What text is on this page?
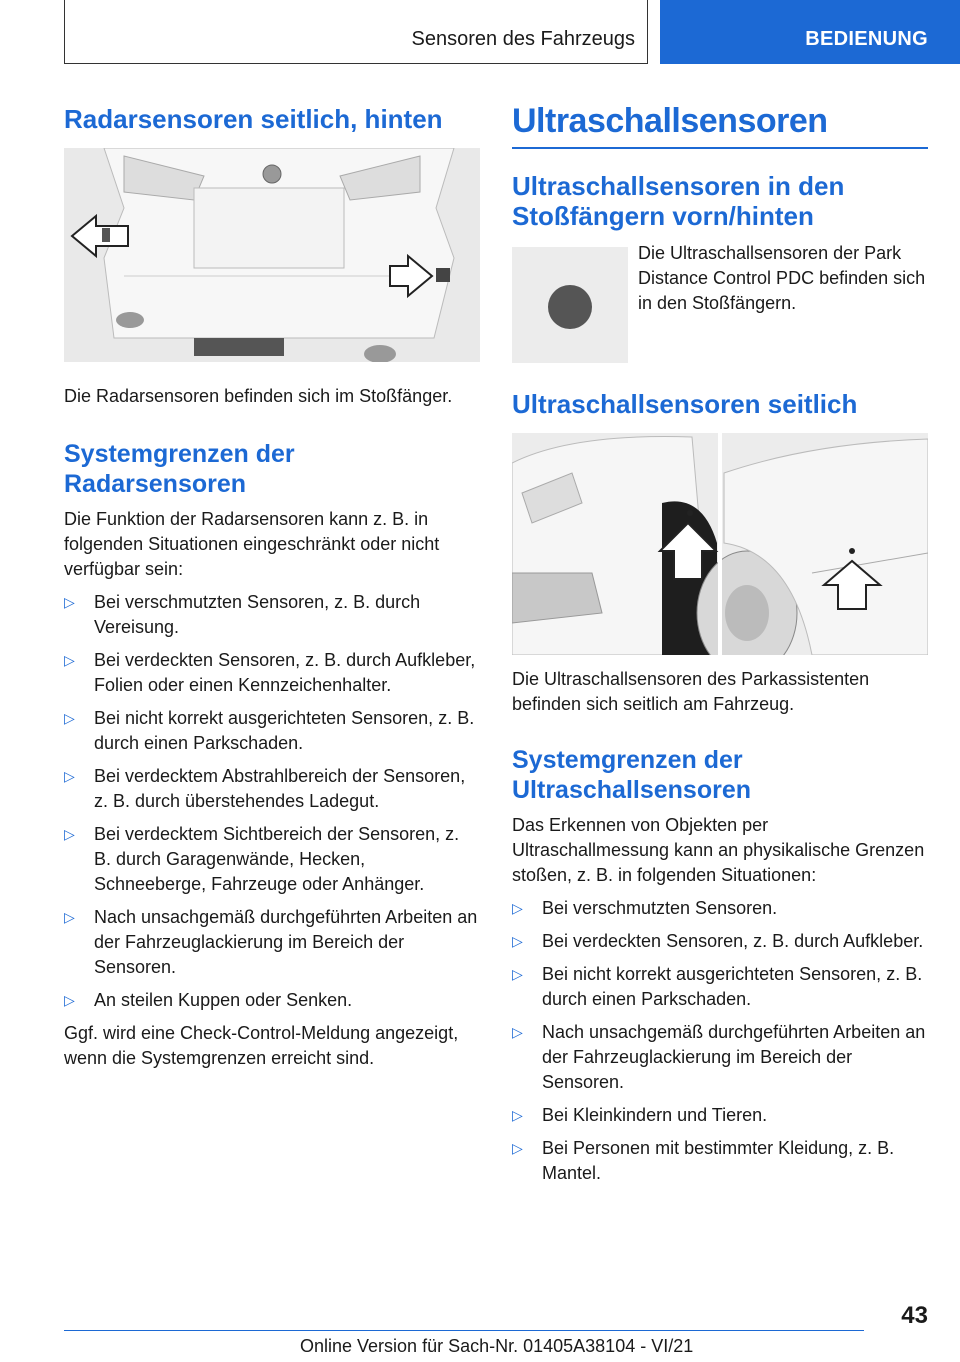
Sensoren des Fahrzeugs	BEDIENUNG
Radarsensoren seitlich, hinten

Die Radarsensoren befinden sich im Stoßfänger.

Systemgrenzen der Radarsensoren

Die Funktion der Radarsensoren kann z. B. in folgenden Situationen eingeschränkt oder nicht verfügbar sein:

▷ Bei verschmutzten Sensoren, z. B. durch Vereisung.
▷ Bei verdeckten Sensoren, z. B. durch Aufkleber, Folien oder einen Kennzeichenhalter.
▷ Bei nicht korrekt ausgerichteten Sensoren, z. B. durch einen Parkschaden.
▷ Bei verdecktem Abstrahlbereich der Sensoren, z. B. durch überstehendes Ladegut.
▷ Bei verdecktem Sichtbereich der Sensoren, z. B. durch Garagenwände, Hecken, Schneeberge, Fahrzeuge oder Anhänger.
▷ Nach unsachgemäß durchgeführten Arbeiten an der Fahrzeuglackierung im Bereich der Sensoren.
▷ An steilen Kuppen oder Senken.

Ggf. wird eine Check-Control-Meldung angezeigt, wenn die Systemgrenzen erreicht sind.

Ultraschallsensoren
Ultraschallsensoren in den Stoßfängern vorn/hinten

Die Ultraschallsensoren der Park Distance Control PDC befinden sich in den Stoßfängern.

Ultraschallsensoren seitlich

Die Ultraschallsensoren des Parkassistenten befinden sich seitlich am Fahrzeug.

Systemgrenzen der Ultraschallsensoren

Das Erkennen von Objekten per Ultraschallmessung kann an physikalische Grenzen stoßen, z. B. in folgenden Situationen:

▷ Bei verschmutzten Sensoren.
▷ Bei verdeckten Sensoren, z. B. durch Aufkleber.
▷ Bei nicht korrekt ausgerichteten Sensoren, z. B. durch einen Parkschaden.
▷ Nach unsachgemäß durchgeführten Arbeiten an der Fahrzeuglackierung im Bereich der Sensoren.
▷ Bei Kleinkindern und Tieren.
▷ Bei Personen mit bestimmter Kleidung, z. B. Mantel.
43
Online Version für Sach-Nr. 01405A38104 - VI/21
